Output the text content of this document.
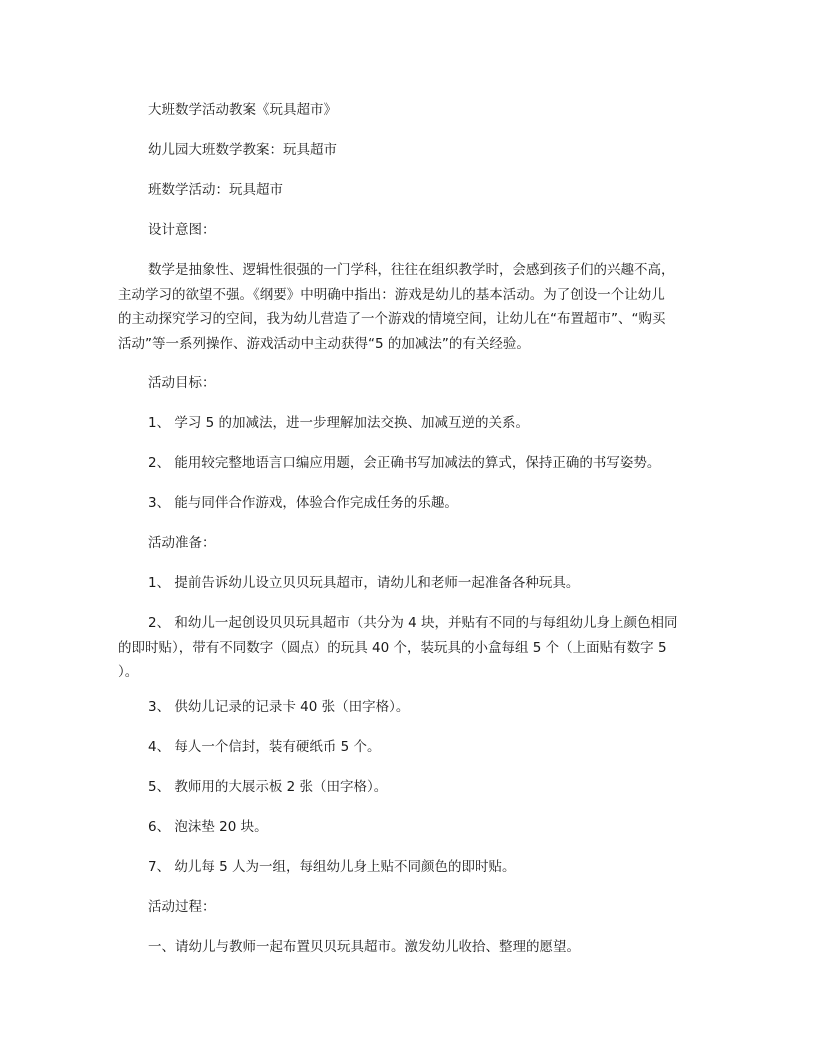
大班数学活动教案《玩具超市》

幼儿园大班数学教案：玩具超市

班数学活动：玩具超市

设计意图：

数学是抽象性、逻辑性很强的一门学科，往往在组织教学时，会感到孩子们的兴趣不高，
主动学习的欲望不强。《纲要》中明确中指出：游戏是幼儿的基本活动。为了创设一个让幼儿
的主动探究学习的空间，我为幼儿营造了一个游戏的情境空间，让幼儿在“布置超市”、“购买
活动”等一系列操作、游戏活动中主动获得“5 的加减法”的有关经验。

活动目标：

1、 学习 5 的加减法，进一步理解加法交换、加减互逆的关系。

2、 能用较完整地语言口编应用题，会正确书写加减法的算式，保持正确的书写姿势。

3、 能与同伴合作游戏，体验合作完成任务的乐趣。

活动准备：

1、 提前告诉幼儿设立贝贝玩具超市，请幼儿和老师一起准备各种玩具。

2、 和幼儿一起创设贝贝玩具超市（共分为 4 块，并贴有不同的与每组幼儿身上颜色相同
的即时贴），带有不同数字（圆点）的玩具 40 个，装玩具的小盒每组 5 个（上面贴有数字 5
）。

3、 供幼儿记录的记录卡 40 张（田字格）。

4、 每人一个信封，装有硬纸币 5 个。

5、 教师用的大展示板 2 张（田字格）。

6、 泡沫垫 20 块。

7、 幼儿每 5 人为一组，每组幼儿身上贴不同颜色的即时贴。

活动过程：

一、请幼儿与教师一起布置贝贝玩具超市。激发幼儿收拾、整理的愿望。
